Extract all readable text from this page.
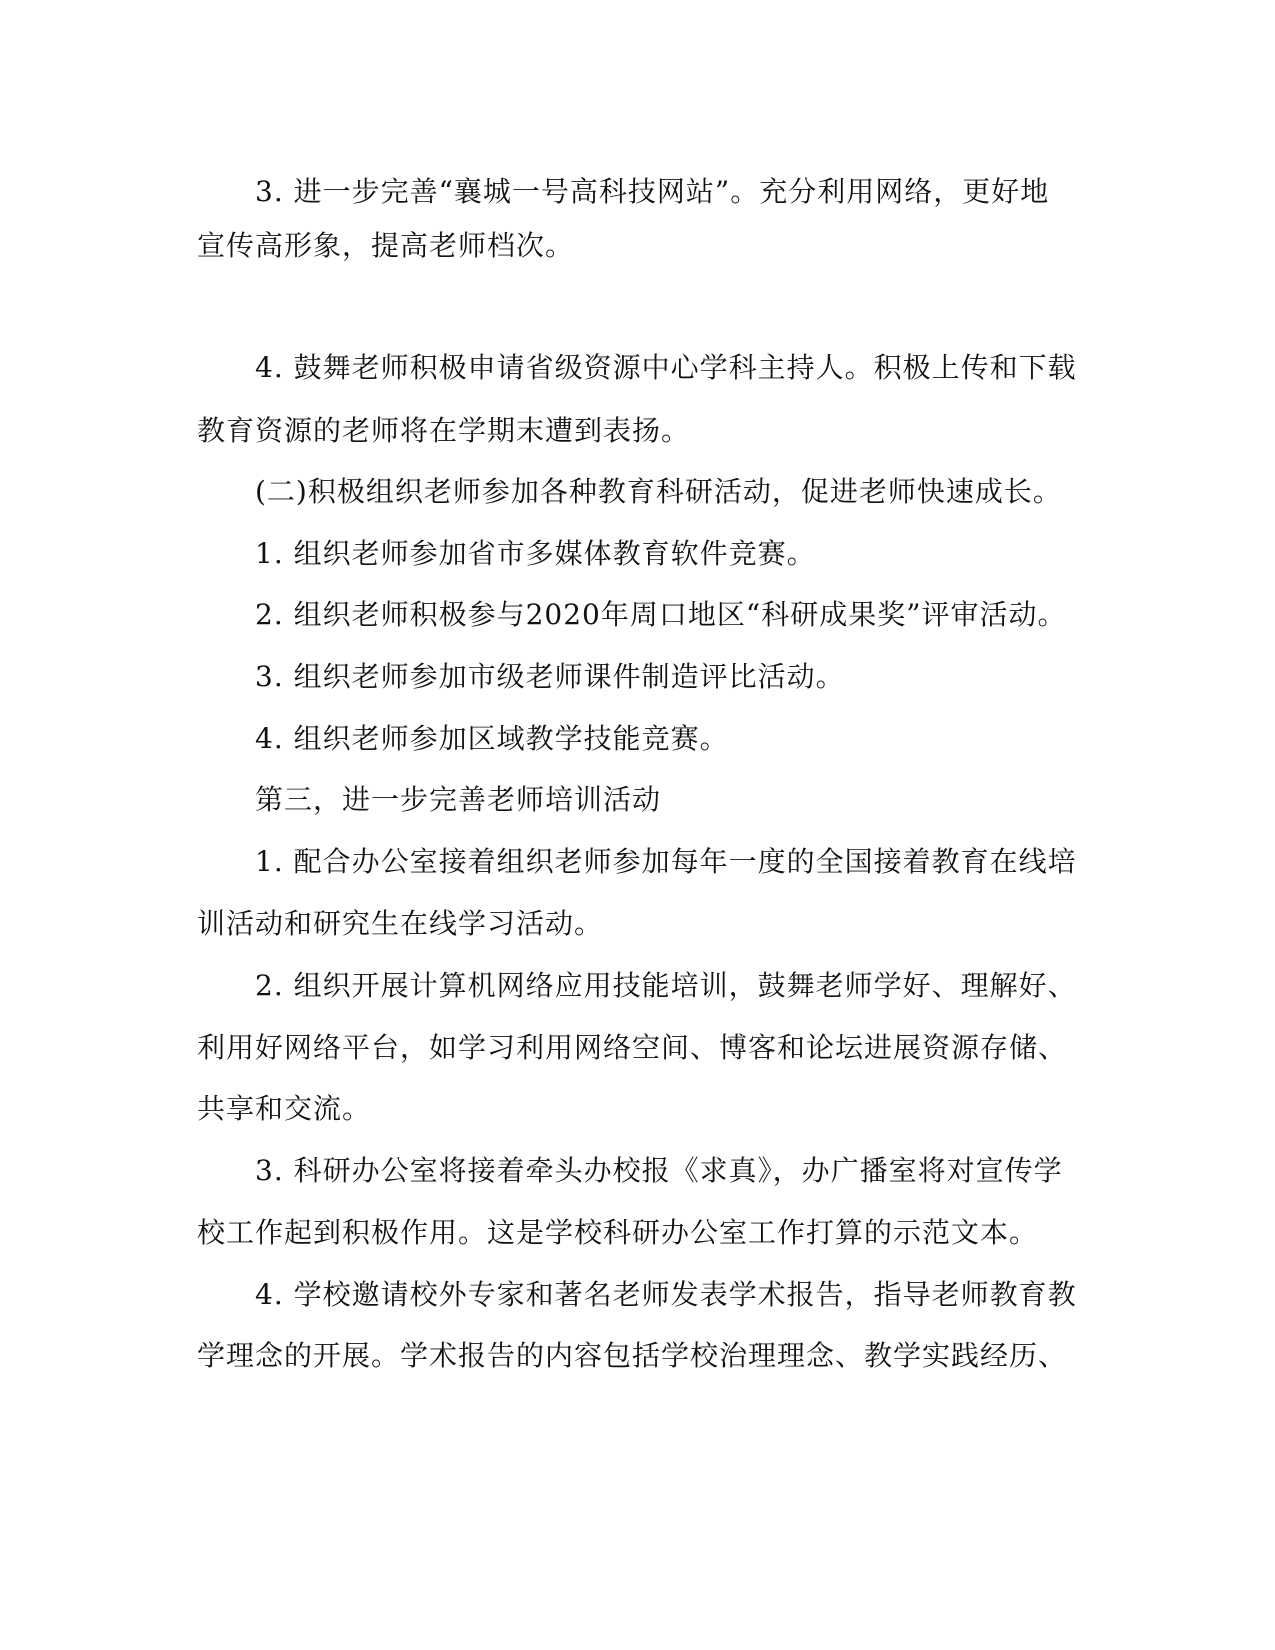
3. 进一步完善“襄城一号高科技网站”。充分利用网络，更好地
宣传高形象，提高老师档次。
4. 鼓舞老师积极申请省级资源中心学科主持人。积极上传和下载
教育资源的老师将在学期末遭到表扬。
(二)积极组织老师参加各种教育科研活动，促进老师快速成长。
1. 组织老师参加省市多媒体教育软件竞赛。
2. 组织老师积极参与2020年周口地区“科研成果奖”评审活动。
3. 组织老师参加市级老师课件制造评比活动。
4. 组织老师参加区域教学技能竞赛。
第三，进一步完善老师培训活动
1. 配合办公室接着组织老师参加每年一度的全国接着教育在线培
训活动和研究生在线学习活动。
2. 组织开展计算机网络应用技能培训，鼓舞老师学好、理解好、
利用好网络平台，如学习利用网络空间、博客和论坛进展资源存储、
共享和交流。
3. 科研办公室将接着牵头办校报《求真》，办广播室将对宣传学
校工作起到积极作用。这是学校科研办公室工作打算的示范文本。
4. 学校邀请校外专家和著名老师发表学术报告，指导老师教育教
学理念的开展。学术报告的内容包括学校治理理念、教学实践经历、
